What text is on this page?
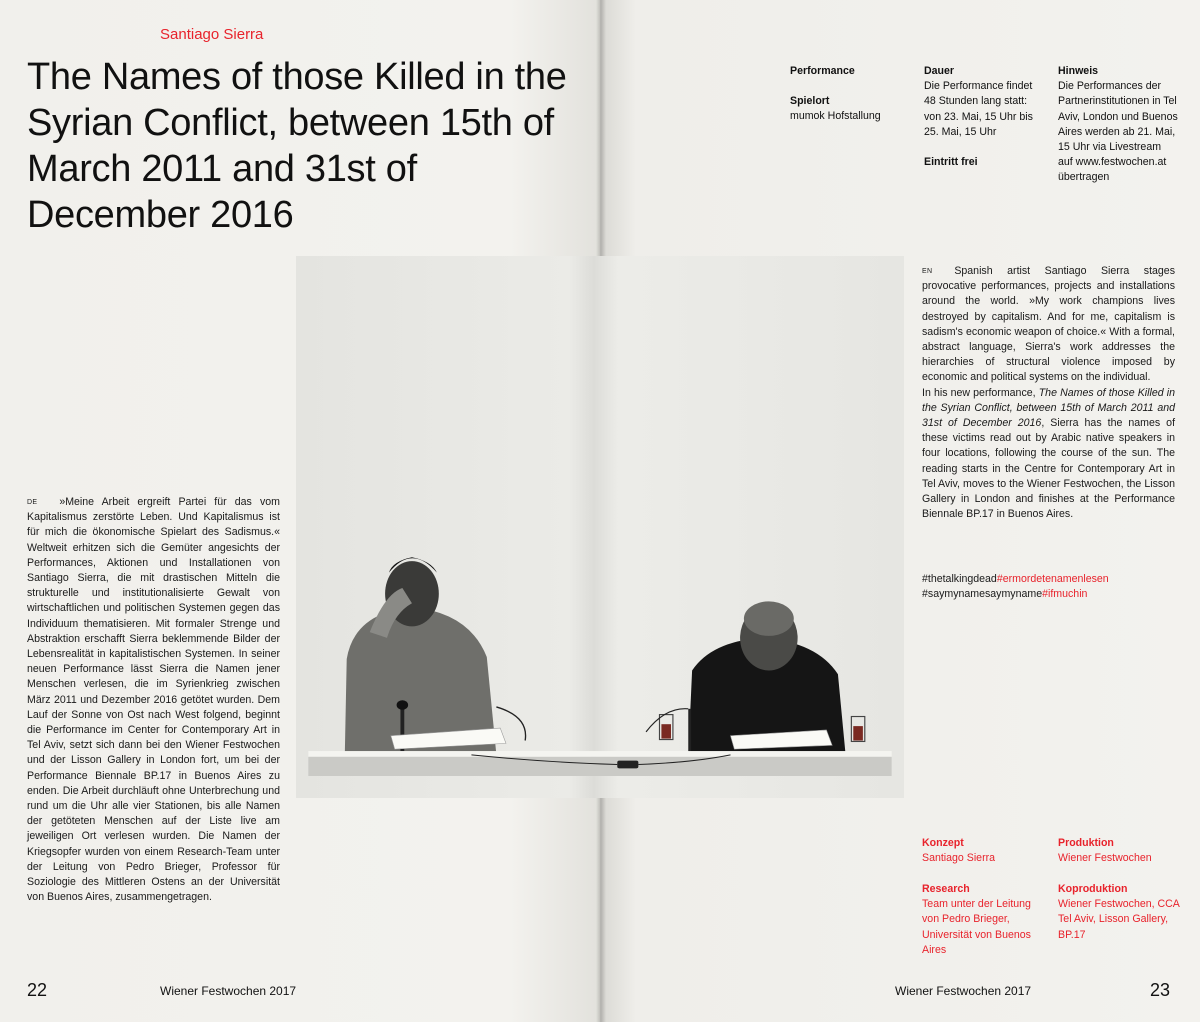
Santiago Sierra
The Names of those Killed in the Syrian Conflict, between 15th of March 2011 and 31st of December 2016
Performance
Spielort
mumok Hofstallung
Dauer
Die Performance findet 48 Stunden lang statt: von 23. Mai, 15 Uhr bis 25. Mai, 15 Uhr
Eintritt frei
Hinweis
Die Performances der Partnerinstitutionen in Tel Aviv, London und Buenos Aires werden ab 21. Mai, 15 Uhr via Livestream auf www.festwochen.at übertragen
DE »Meine Arbeit ergreift Partei für das vom Kapitalismus zerstörte Leben. Und Kapitalismus ist für mich die ökonomische Spielart des Sadismus.« Weltweit erhitzen sich die Gemüter angesichts der Performances, Aktionen und Installationen von Santiago Sierra, die mit drastischen Mitteln die strukturelle und institutionalisierte Gewalt von wirtschaftlichen und politischen Systemen gegen das Individuum thematisieren. Mit formaler Strenge und Abstraktion erschafft Sierra beklemmende Bilder der Lebensrealität in kapitalistischen Systemen. In seiner neuen Performance lässt Sierra die Namen jener Menschen verlesen, die im Syrienkrieg zwischen März 2011 und Dezember 2016 getötet wurden. Dem Lauf der Sonne von Ost nach West folgend, beginnt die Performance im Center for Contemporary Art in Tel Aviv, setzt sich dann bei den Wiener Festwochen und der Lisson Gallery in London fort, um bei der Performance Biennale BP.17 in Buenos Aires zu enden. Die Arbeit durchläuft ohne Unterbrechung und rund um die Uhr alle vier Stationen, bis alle Namen der getöteten Menschen auf der Liste live am jeweiligen Ort verlesen wurden. Die Namen der Kriegsopfer wurden von einem Research-Team unter der Leitung von Pedro Brieger, Professor für Soziologie des Mittleren Ostens an der Universität von Buenos Aires, zusammengetragen.

EN Spanish artist Santiago Sierra stages provocative performances, projects and installations around the world. »My work champions lives destroyed by capitalism. And for me, capitalism is sadism's economic weapon of choice.« With a formal, abstract language, Sierra's work addresses the hierarchies of structural violence imposed by economic and political systems on the individual.

In his new performance, The Names of those Killed in the Syrian Conflict, between 15th of March 2011 and 31st of December 2016, Sierra has the names of these victims read out by Arabic native speakers in four locations, following the course of the sun. The reading starts in the Centre for Contemporary Art in Tel Aviv, moves to the Wiener Festwochen, the Lisson Gallery in London and finishes at the Performance Biennale BP.17 in Buenos Aires.

#thetalkingdead#ermordetenamenlesen
#saymynamesaymyname#ifmuchin
Konzept
Santiago Sierra
Produktion
Wiener Festwochen
Research
Team unter der Leitung von Pedro Brieger, Universität von Buenos Aires
Koproduktion
Wiener Festwochen, CCA Tel Aviv, Lisson Gallery, BP.17
22	Wiener Festwochen 2017	Wiener Festwochen 2017	23
